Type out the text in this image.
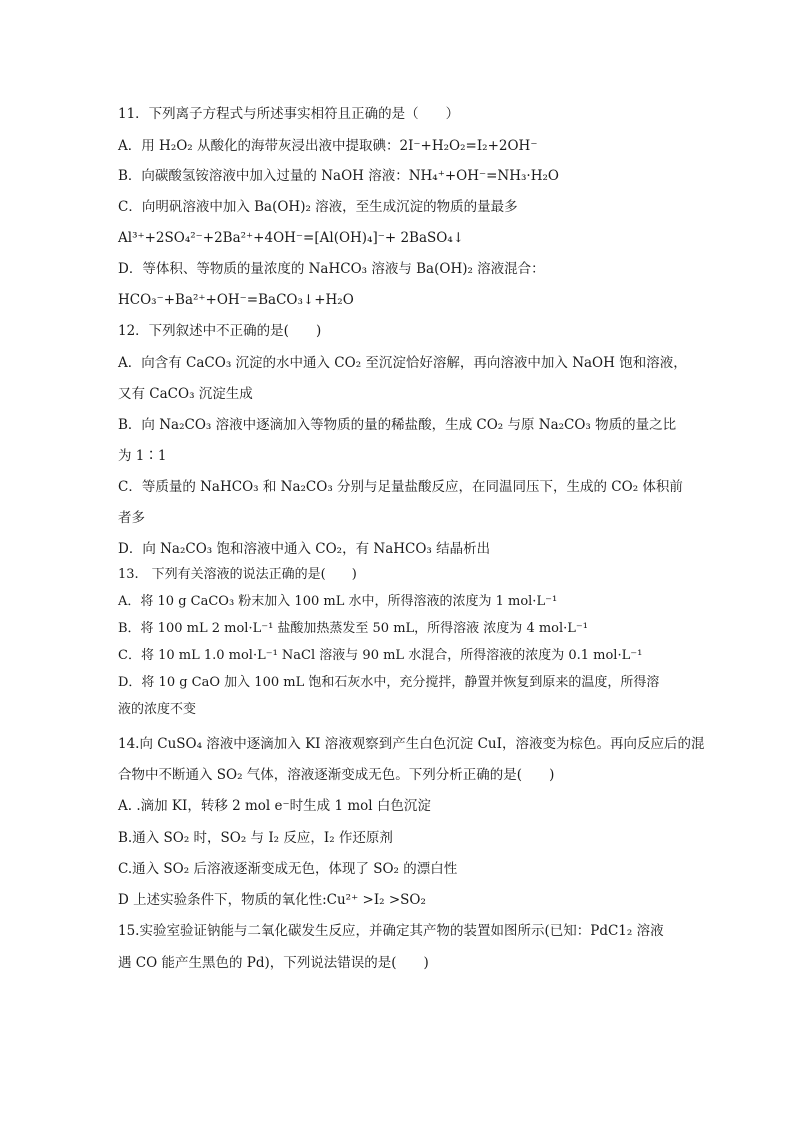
11．下列离子方程式与所述事实相符且正确的是（　　）
A．用 H₂O₂ 从酸化的海带灰浸出液中提取碘：2I⁻+H₂O₂=I₂+2OH⁻
B．向碳酸氢铵溶液中加入过量的 NaOH 溶液：NH₄⁺+OH⁻=NH₃·H₂O
C．向明矾溶液中加入 Ba(OH)₂ 溶液，至生成沉淀的物质的量最多
Al³⁺+2SO₄²⁻+2Ba²⁺+4OH⁻=[Al(OH)₄]⁻+ 2BaSO₄↓
D．等体积、等物质的量浓度的 NaHCO₃ 溶液与 Ba(OH)₂ 溶液混合：
HCO₃⁻+Ba²⁺+OH⁻=BaCO₃↓+H₂O
12．下列叙述中不正确的是(　　)
A．向含有 CaCO₃ 沉淀的水中通入 CO₂ 至沉淀恰好溶解，再向溶液中加入 NaOH 饱和溶液，
又有 CaCO₃ 沉淀生成
B．向 Na₂CO₃ 溶液中逐滴加入等物质的量的稀盐酸，生成 CO₂ 与原 Na₂CO₃ 物质的量之比
为 1∶1
C．等质量的 NaHCO₃ 和 Na₂CO₃ 分别与足量盐酸反应，在同温同压下，生成的 CO₂ 体积前
者多
D．向 Na₂CO₃ 饱和溶液中通入 CO₂，有 NaHCO₃ 结晶析出
13.　下列有关溶液的说法正确的是(　　)
A．将 10 g CaCO₃ 粉末加入 100 mL 水中，所得溶液的浓度为 1 mol·L⁻¹
B．将 100 mL 2 mol·L⁻¹ 盐酸加热蒸发至 50 mL，所得溶液 浓度为 4 mol·L⁻¹
C．将 10 mL 1.0 mol·L⁻¹ NaCl 溶液与 90 mL 水混合，所得溶液的浓度为 0.1 mol·L⁻¹
D．将 10 g CaO 加入 100 mL 饱和石灰水中，充分搅拌，静置并恢复到原来的温度，所得溶
液的浓度不变
14.向 CuSO₄ 溶液中逐滴加入 KI 溶液观察到产生白色沉淀 CuI，溶液变为棕色。再向反应后的混
合物中不断通入 SO₂ 气体，溶液逐渐变成无色。下列分析正确的是(　　)
A. .滴加 KI，转移 2 mol e⁻时生成 1 mol 白色沉淀
B.通入 SO₂ 时，SO₂ 与 I₂ 反应，I₂ 作还原剂
C.通入 SO₂ 后溶液逐渐变成无色，体现了 SO₂ 的漂白性
D 上述实验条件下，物质的氧化性:Cu²⁺ >I₂ >SO₂
15.实验室验证钠能与二氧化碳发生反应，并确定其产物的装置如图所示(已知：PdC1₂ 溶液
遇 CO 能产生黑色的 Pd)，下列说法错误的是(　　)
